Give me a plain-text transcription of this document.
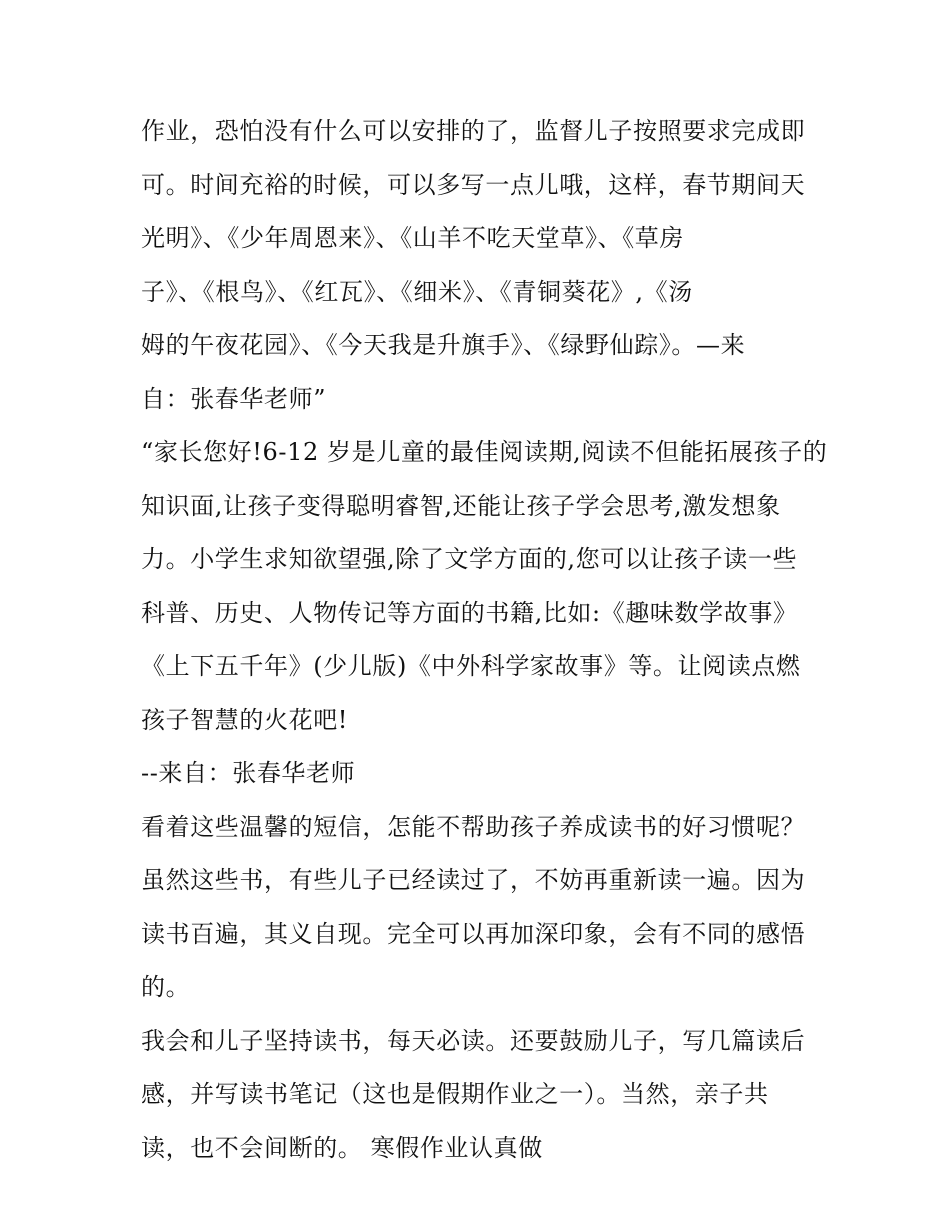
作业，恐怕没有什么可以安排的了，监督儿子按照要求完成即
可。时间充裕的时候，可以多写一点儿哦，这样，春节期间天
光明》、《少年周恩来》、《山羊不吃天堂草》、《草房
子》、《根鸟》、《红瓦》、《细米》、《青铜葵花》,《汤
姆的午夜花园》、《今天我是升旗手》、《绿野仙踪》。—来
自：张春华老师”
“家长您好!6-12 岁是儿童的最佳阅读期,阅读不但能拓展孩子的
知识面,让孩子变得聪明睿智,还能让孩子学会思考,激发想象
力。小学生求知欲望强,除了文学方面的,您可以让孩子读一些
科普、历史、人物传记等方面的书籍,比如:《趣味数学故事》
《上下五千年》(少儿版)《中外科学家故事》等。让阅读点燃
孩子智慧的火花吧!
--来自：张春华老师
看着这些温馨的短信，怎能不帮助孩子养成读书的好习惯呢？
虽然这些书，有些儿子已经读过了，不妨再重新读一遍。因为
读书百遍，其义自现。完全可以再加深印象，会有不同的感悟
的。
我会和儿子坚持读书，每天必读。还要鼓励儿子，写几篇读后
感，并写读书笔记（这也是假期作业之一）。当然，亲子共
读，也不会间断的。 寒假作业认真做
